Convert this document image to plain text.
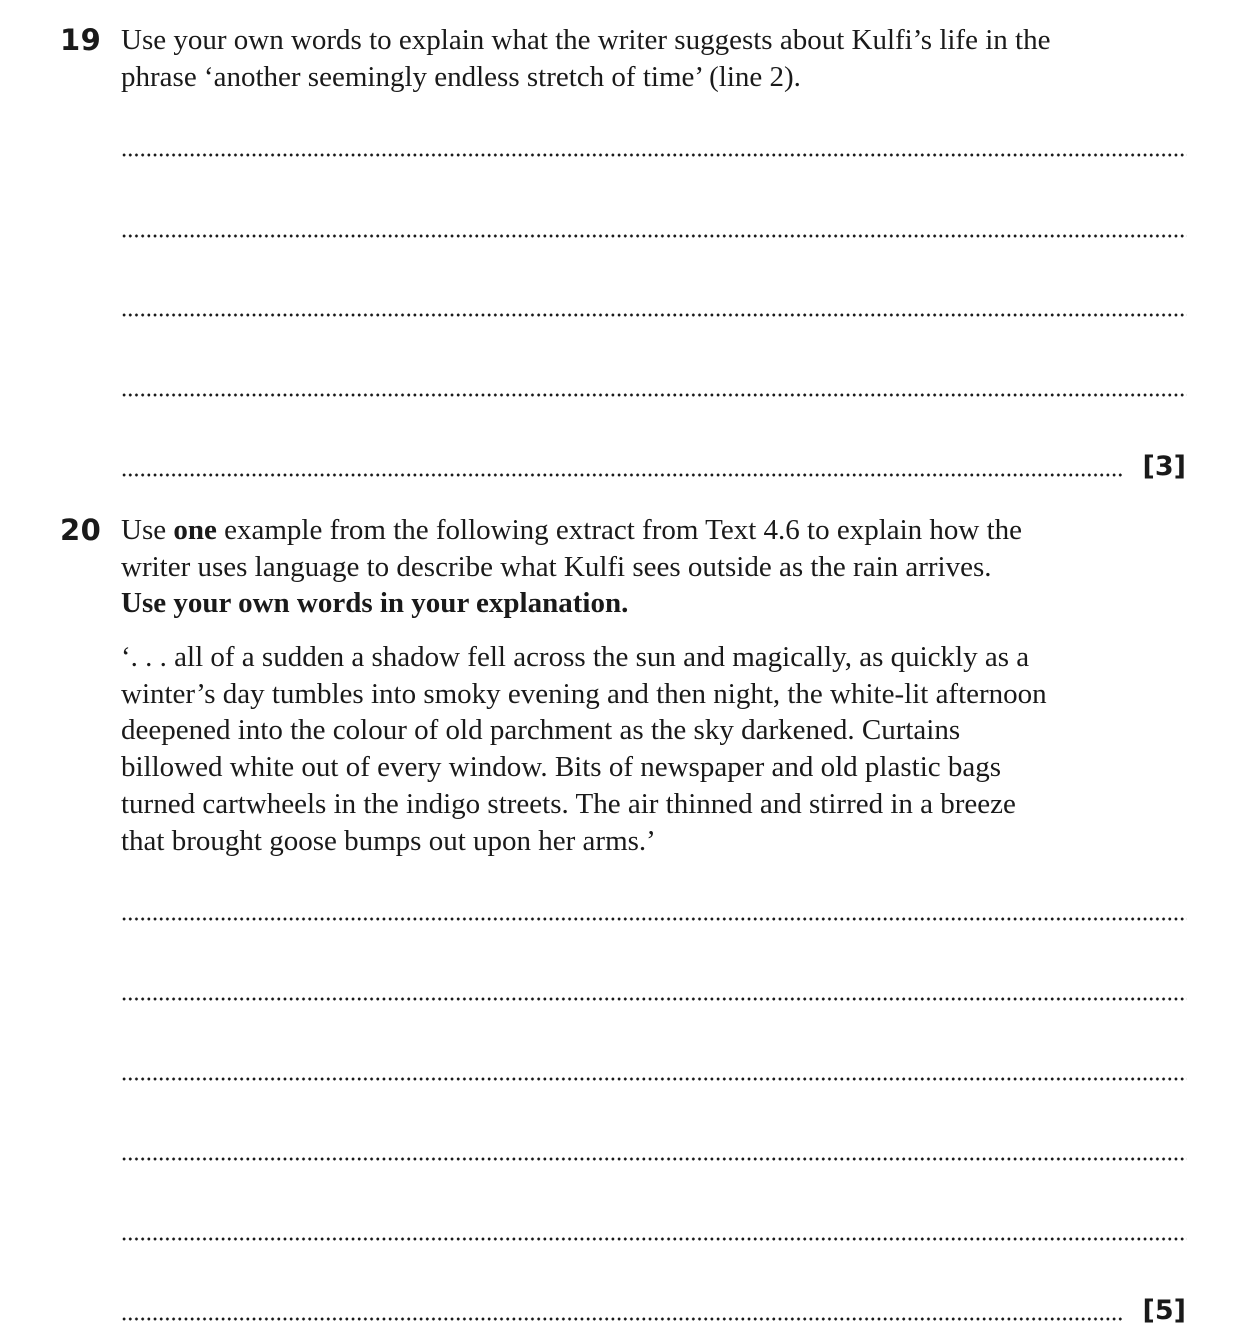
19 Use your own words to explain what the writer suggests about Kulfi’s life in the

phrase ‘another seemingly endless stretch of time’ (line 2).

[3]
20 Use one example from the following extract from Text 4.6 to explain how the

writer uses language to describe what Kulfi sees outside as the rain arrives.

Use your own words in your explanation.

‘. . . all of a sudden a shadow fell across the sun and magically, as quickly as a

winter’s day tumbles into smoky evening and then night, the white-lit afternoon

deepened into the colour of old parchment as the sky darkened. Curtains

billowed white out of every window. Bits of newspaper and old plastic bags

turned cartwheels in the indigo streets. The air thinned and stirred in a breeze

that brought goose bumps out upon her arms.’

[5]
